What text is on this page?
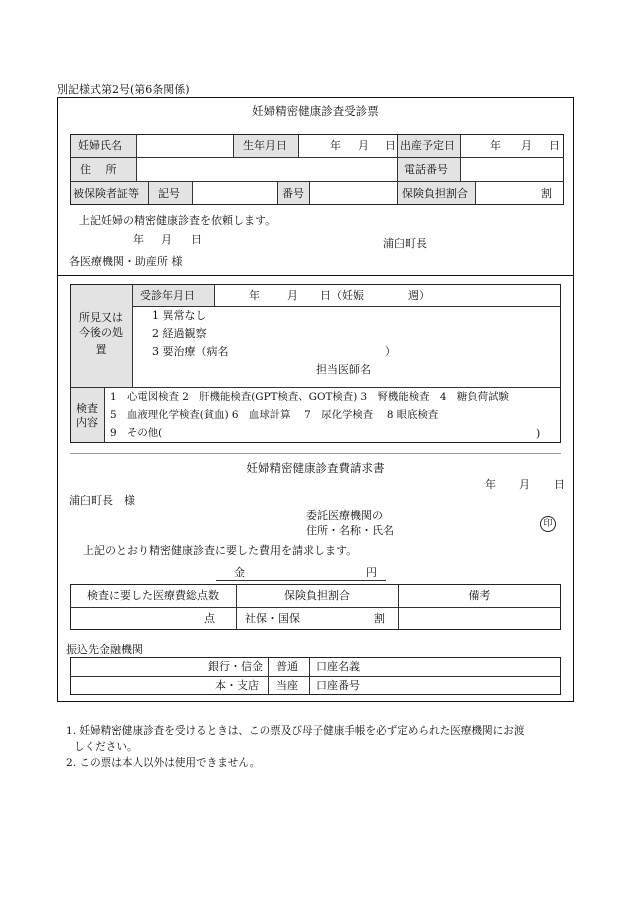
別記様式第2号(第6条関係)
妊婦精密健康診査受診票
妊婦氏名	生年月日	年 月 日 出産予定日	年 月 日
住　 所	電話番号
被保険者証等 記号	番号	保険負担割合	割
上記妊婦の精密健康診査を依頼します。
年 月 日	浦臼町長
各医療機関・助産所 様
受診年月日	年 月 日（妊娠　　　　週）
所見又は
今後の処
置
1 異常なし
2 経過観察
3 要治療（病名	）
担当医師名
検査
内容
1　心電図検査 2　肝機能検査(GPT検査、GOT検査) 3　腎機能検査　4　糖負荷試験
5　血液理化学検査(貧血) 6　血球計算　 7　尿化学検査　 8 眼底検査
9　その他(	)
妊婦精密健康診査費請求書
年 月 日
浦臼町長　様
委託医療機関の
住所・名称・氏名	印
上記のとおり精密健康診査に要した費用を請求します。
金	円
検査に要した医療費総点数	保険負担割合	備考
点	社保・国保	割
振込先金融機関
銀行・信金 普通 口座名義
本・支店 当座 口座番号
1. 妊婦精密健康診査を受けるときは、この票及び母子健康手帳を必ず定められた医療機関にお渡
しください。
2. この票は本人以外は使用できません。
